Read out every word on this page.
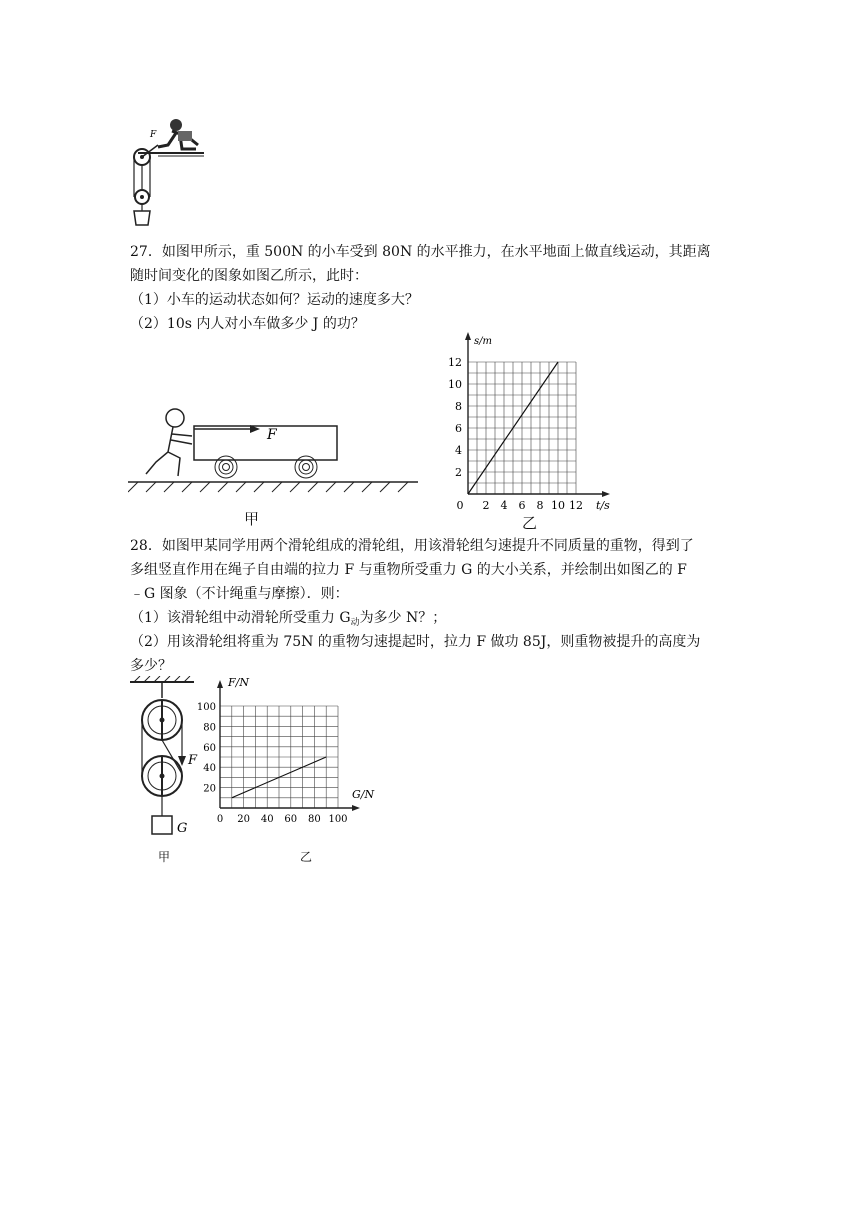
F
27．如图甲所示，重 500N 的小车受到 80N 的水平推力，在水平地面上做直线运动，其距离
随时间变化的图象如图乙所示，此时：
（1）小车的运动状态如何？运动的速度多大？
（2）10s 内人对小车做多少 J 的功？
F
甲
2 4 6 8 10 12
2
4
6
8
10
12
0	t/s
s/m
乙
28．如图甲某同学用两个滑轮组成的滑轮组，用该滑轮组匀速提升不同质量的重物，得到了
多组竖直作用在绳子自由端的拉力 F 与重物所受重力 G 的大小关系，并绘制出如图乙的 F
﹣G 图象（不计绳重与摩擦）．则：
（1）该滑轮组中动滑轮所受重力 $G_动$为多少 N？；
（2）用该滑轮组将重为 75N 的重物匀速提起时，拉力 F 做功 85J，则重物被提升的高度为
多少？
F
G
甲
0 20 40 60 80 100
20
40
60
80
100
G/N
F/N
乙
